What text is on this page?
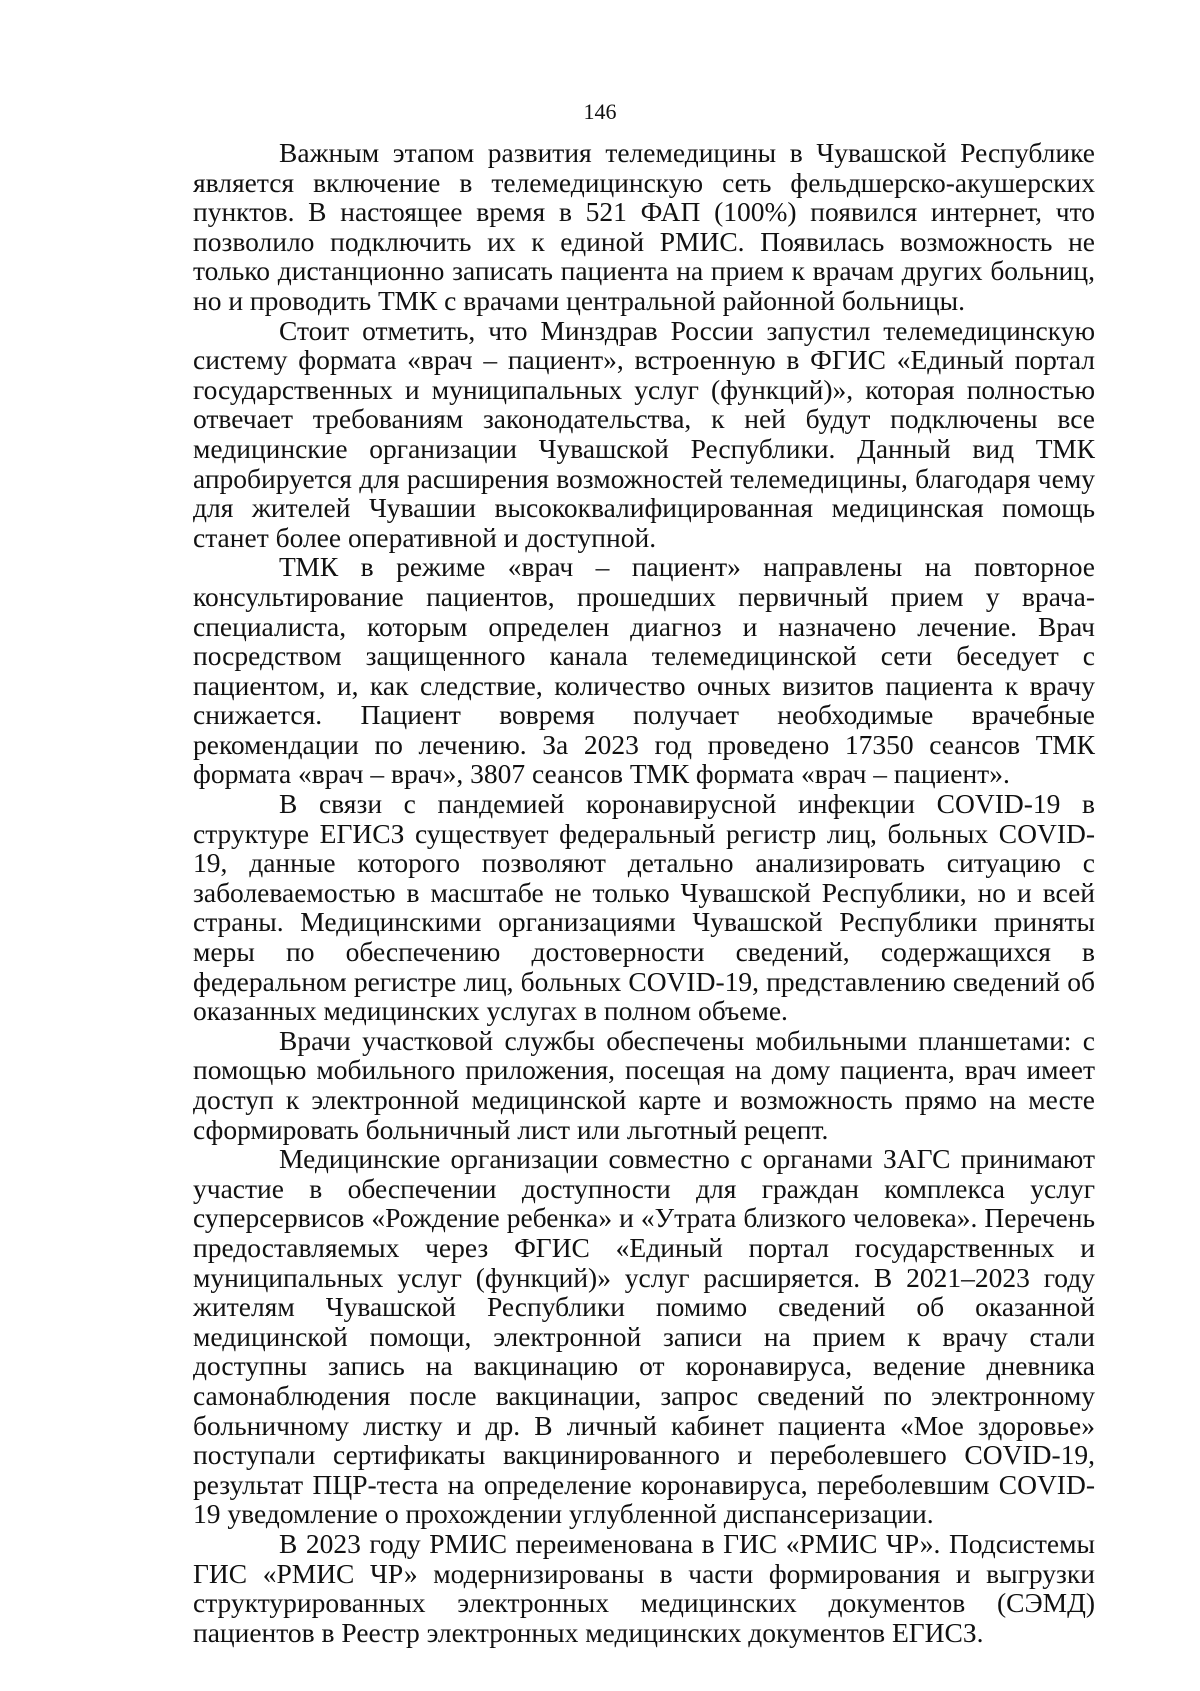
146

Важным этапом развития телемедицины в Чувашской Республике является включение в телемедицинскую сеть фельдшерско-акушерских пунктов. В настоящее время в 521 ФАП (100%) появился интернет, что позволило подключить их к единой РМИС. Появилась возможность не только дистанционно записать пациента на прием к врачам других больниц, но и проводить ТМК с врачами центральной районной больницы.

Стоит отметить, что Минздрав России запустил телемедицинскую систему формата «врач – пациент», встроенную в ФГИС «Единый портал государственных и муниципальных услуг (функций)», которая полностью отвечает требованиям законодательства, к ней будут подключены все медицинские организации Чувашской Республики. Данный вид ТМК апробируется для расширения возможностей телемедицины, благодаря чему для жителей Чувашии высококвалифицированная медицинская помощь станет более оперативной и доступной.

ТМК в режиме «врач – пациент» направлены на повторное консультирование пациентов, прошедших первичный прием у врача-специалиста, которым определен диагноз и назначено лечение. Врач посредством защищенного канала телемедицинской сети беседует с пациентом, и, как следствие, количество очных визитов пациента к врачу снижается. Пациент вовремя получает необходимые врачебные рекомендации по лечению. За 2023 год проведено 17350 сеансов ТМК формата «врач – врач», 3807 сеансов ТМК формата «врач – пациент».

В связи с пандемией коронавирусной инфекции COVID-19 в структуре ЕГИСЗ существует федеральный регистр лиц, больных COVID-19, данные которого позволяют детально анализировать ситуацию с заболеваемостью в масштабе не только Чувашской Республики, но и всей страны. Медицинскими организациями Чувашской Республики приняты меры по обеспечению достоверности сведений, содержащихся в федеральном регистре лиц, больных COVID-19, представлению сведений об оказанных медицинских услугах в полном объеме.

Врачи участковой службы обеспечены мобильными планшетами: с помощью мобильного приложения, посещая на дому пациента, врач имеет доступ к электронной медицинской карте и возможность прямо на месте сформировать больничный лист или льготный рецепт.

Медицинские организации совместно с органами ЗАГС принимают участие в обеспечении доступности для граждан комплекса услуг суперсервисов «Рождение ребенка» и «Утрата близкого человека». Перечень предоставляемых через ФГИС «Единый портал государственных и муниципальных услуг (функций)» услуг расширяется. В 2021–2023 году жителям Чувашской Республики помимо сведений об оказанной медицинской помощи, электронной записи на прием к врачу стали доступны запись на вакцинацию от коронавируса, ведение дневника самонаблюдения после вакцинации, запрос сведений по электронному больничному листку и др. В личный кабинет пациента «Мое здоровье» поступали сертификаты вакцинированного и переболевшего COVID-19, результат ПЦР-теста на определение коронавируса, переболевшим COVID-19 уведомление о прохождении углубленной диспансеризации.

В 2023 году РМИС переименована в ГИС «РМИС ЧР». Подсистемы ГИС «РМИС ЧР» модернизированы в части формирования и выгрузки структурированных электронных медицинских документов (СЭМД) пациентов в Реестр электронных медицинских документов ЕГИСЗ.
